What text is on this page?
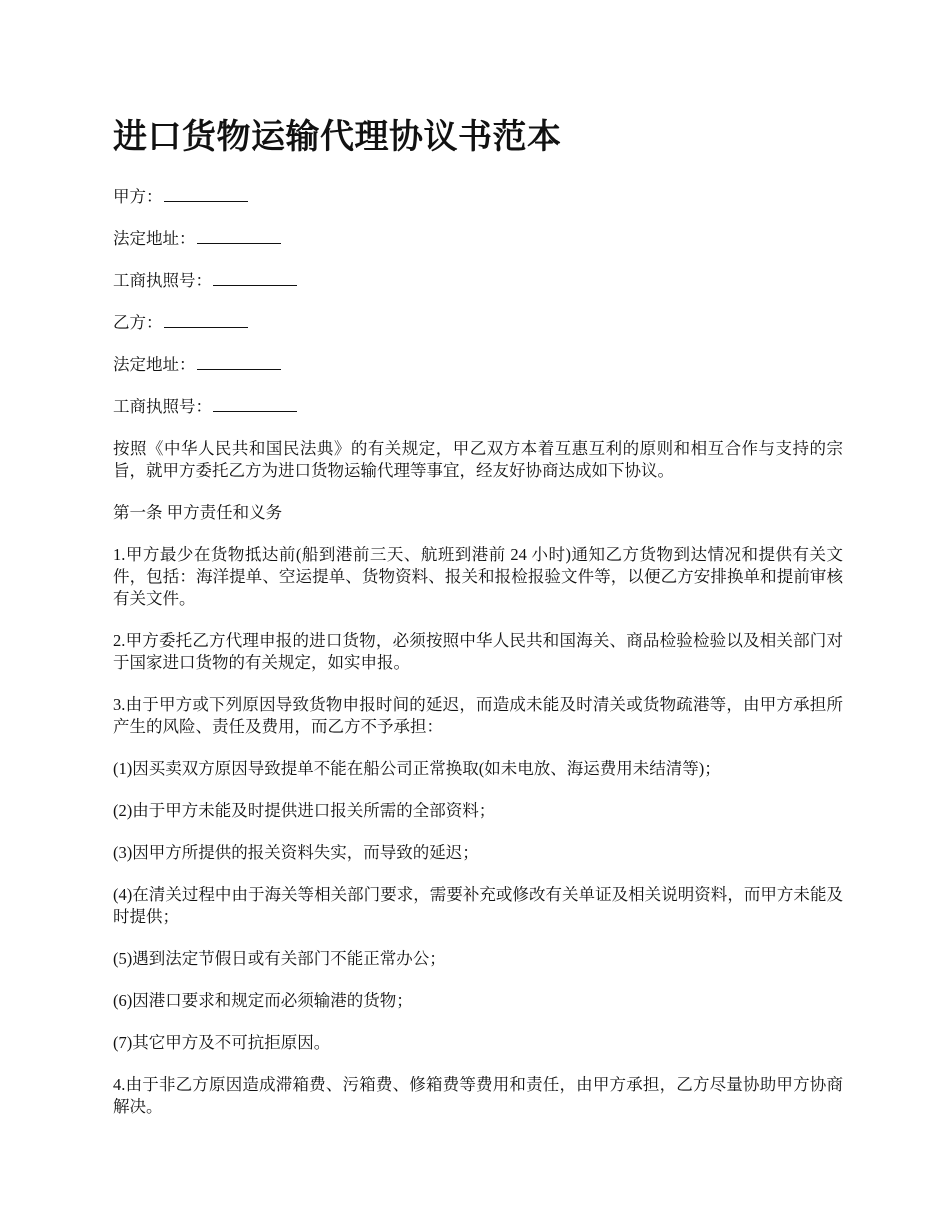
进口货物运输代理协议书范本
甲方：
法定地址：
工商执照号：
乙方：
法定地址：
工商执照号：

按照《中华人民共和国民法典》的有关规定，甲乙双方本着互惠互利的原则和相互合作与支持的宗旨，就甲方委托乙方为进口货物运输代理等事宜，经友好协商达成如下协议。

第一条 甲方责任和义务

1.甲方最少在货物抵达前(船到港前三天、航班到港前 24 小时)通知乙方货物到达情况和提供有关文件，包括：海洋提单、空运提单、货物资料、报关和报检报验文件等，以便乙方安排换单和提前审核有关文件。

2.甲方委托乙方代理申报的进口货物，必须按照中华人民共和国海关、商品检验检验以及相关部门对于国家进口货物的有关规定，如实申报。

3.由于甲方或下列原因导致货物申报时间的延迟，而造成未能及时清关或货物疏港等，由甲方承担所产生的风险、责任及费用，而乙方不予承担：

(1)因买卖双方原因导致提单不能在船公司正常换取(如未电放、海运费用未结清等)；

(2)由于甲方未能及时提供进口报关所需的全部资料；

(3)因甲方所提供的报关资料失实，而导致的延迟；

(4)在清关过程中由于海关等相关部门要求，需要补充或修改有关单证及相关说明资料，而甲方未能及时提供；

(5)遇到法定节假日或有关部门不能正常办公；

(6)因港口要求和规定而必须输港的货物；

(7)其它甲方及不可抗拒原因。

4.由于非乙方原因造成滞箱费、污箱费、修箱费等费用和责任，由甲方承担，乙方尽量协助甲方协商解决。
